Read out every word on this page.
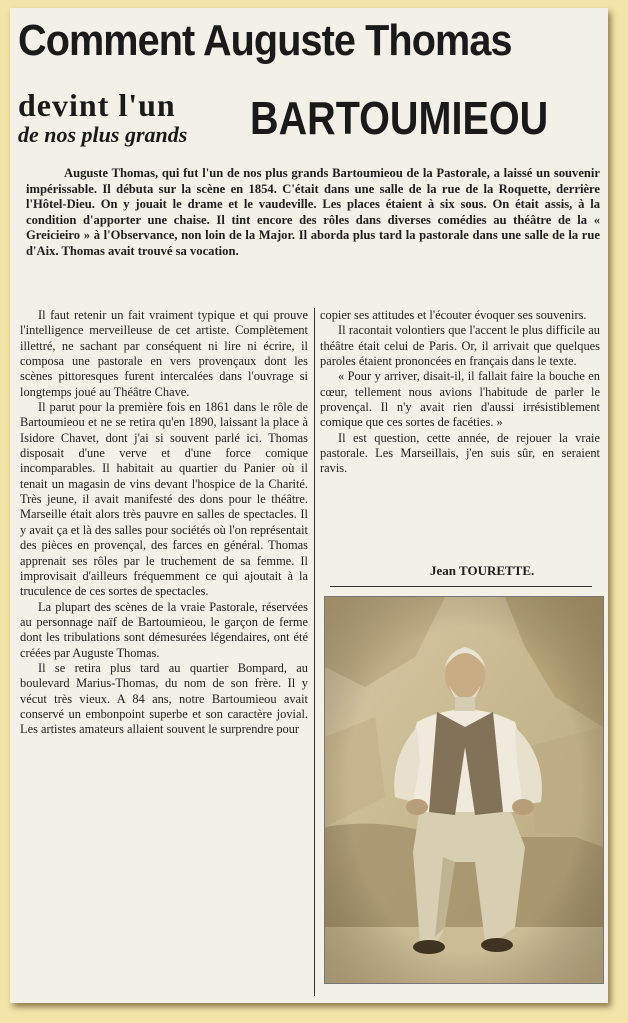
Comment Auguste Thomas
devint l'un
de nos plus grands BARTOUMIEOU
Auguste Thomas, qui fut l'un de nos plus grands Bartoumieou de la Pastorale, a laissé un souvenir impérissable. Il débuta sur la scène en 1854. C'était dans une salle de la rue de la Roquette, derrière l'Hôtel-Dieu. On y jouait le drame et le vaudeville. Les places étaient à six sous. On était assis, à la condition d'apporter une chaise. Il tint encore des rôles dans diverses comédies au théâtre de la « Greicieiro » à l'Observance, non loin de la Major. Il aborda plus tard la pastorale dans une salle de la rue d'Aix. Thomas avait trouvé sa vocation.

Il faut retenir un fait vraiment typique et qui prouve l'intelligence merveilleuse de cet artiste. Complètement illettré, ne sachant par conséquent ni lire ni écrire, il composa une pastorale en vers provençaux dont les scènes pittoresques furent intercalées dans l'ouvrage si longtemps joué au Théâtre Chave.

Il parut pour la première fois en 1861 dans le rôle de Bartoumieou et ne se retira qu'en 1890, laissant la place à Isidore Chavet, dont j'ai si souvent parlé ici. Thomas disposait d'une verve et d'une force comique incomparables. Il habitait au quartier du Panier où il tenait un magasin de vins devant l'hospice de la Charité. Très jeune, il avait manifesté des dons pour le théâtre. Marseille était alors très pauvre en salles de spectacles. Il y avait ça et là des salles pour sociétés où l'on représentait des pièces en provençal, des farces en général. Thomas apprenait ses rôles par le truchement de sa femme. Il improvisait d'ailleurs fréquemment ce qui ajoutait à la truculence de ces sortes de spectacles.

La plupart des scènes de la vraie Pastorale, réservées au personnage naïf de Bartoumieou, le garçon de ferme dont les tribulations sont démesurées légendaires, ont été créées par Auguste Thomas.

Il se retira plus tard au quartier Bompard, au boulevard Marius-Thomas, du nom de son frère. Il y vécut très vieux. A 84 ans, notre Bartoumieou avait conservé un embonpoint superbe et son caractère jovial. Les artistes amateurs allaient souvent le surprendre pour

copier ses attitudes et l'écouter évoquer ses souvenirs.

Il racontait volontiers que l'accent le plus difficile au théâtre était celui de Paris. Or, il arrivait que quelques paroles étaient prononcées en français dans le texte.

« Pour y arriver, disait-il, il fallait faire la bouche en cœur, tellement nous avions l'habitude de parler le provençal. Il n'y avait rien d'aussi irrésistiblement comique que ces sortes de facéties. »

Il est question, cette année, de rejouer la vraie pastorale. Les Marseillais, j'en suis sûr, en seraient ravis.

Jean TOURETTE.
